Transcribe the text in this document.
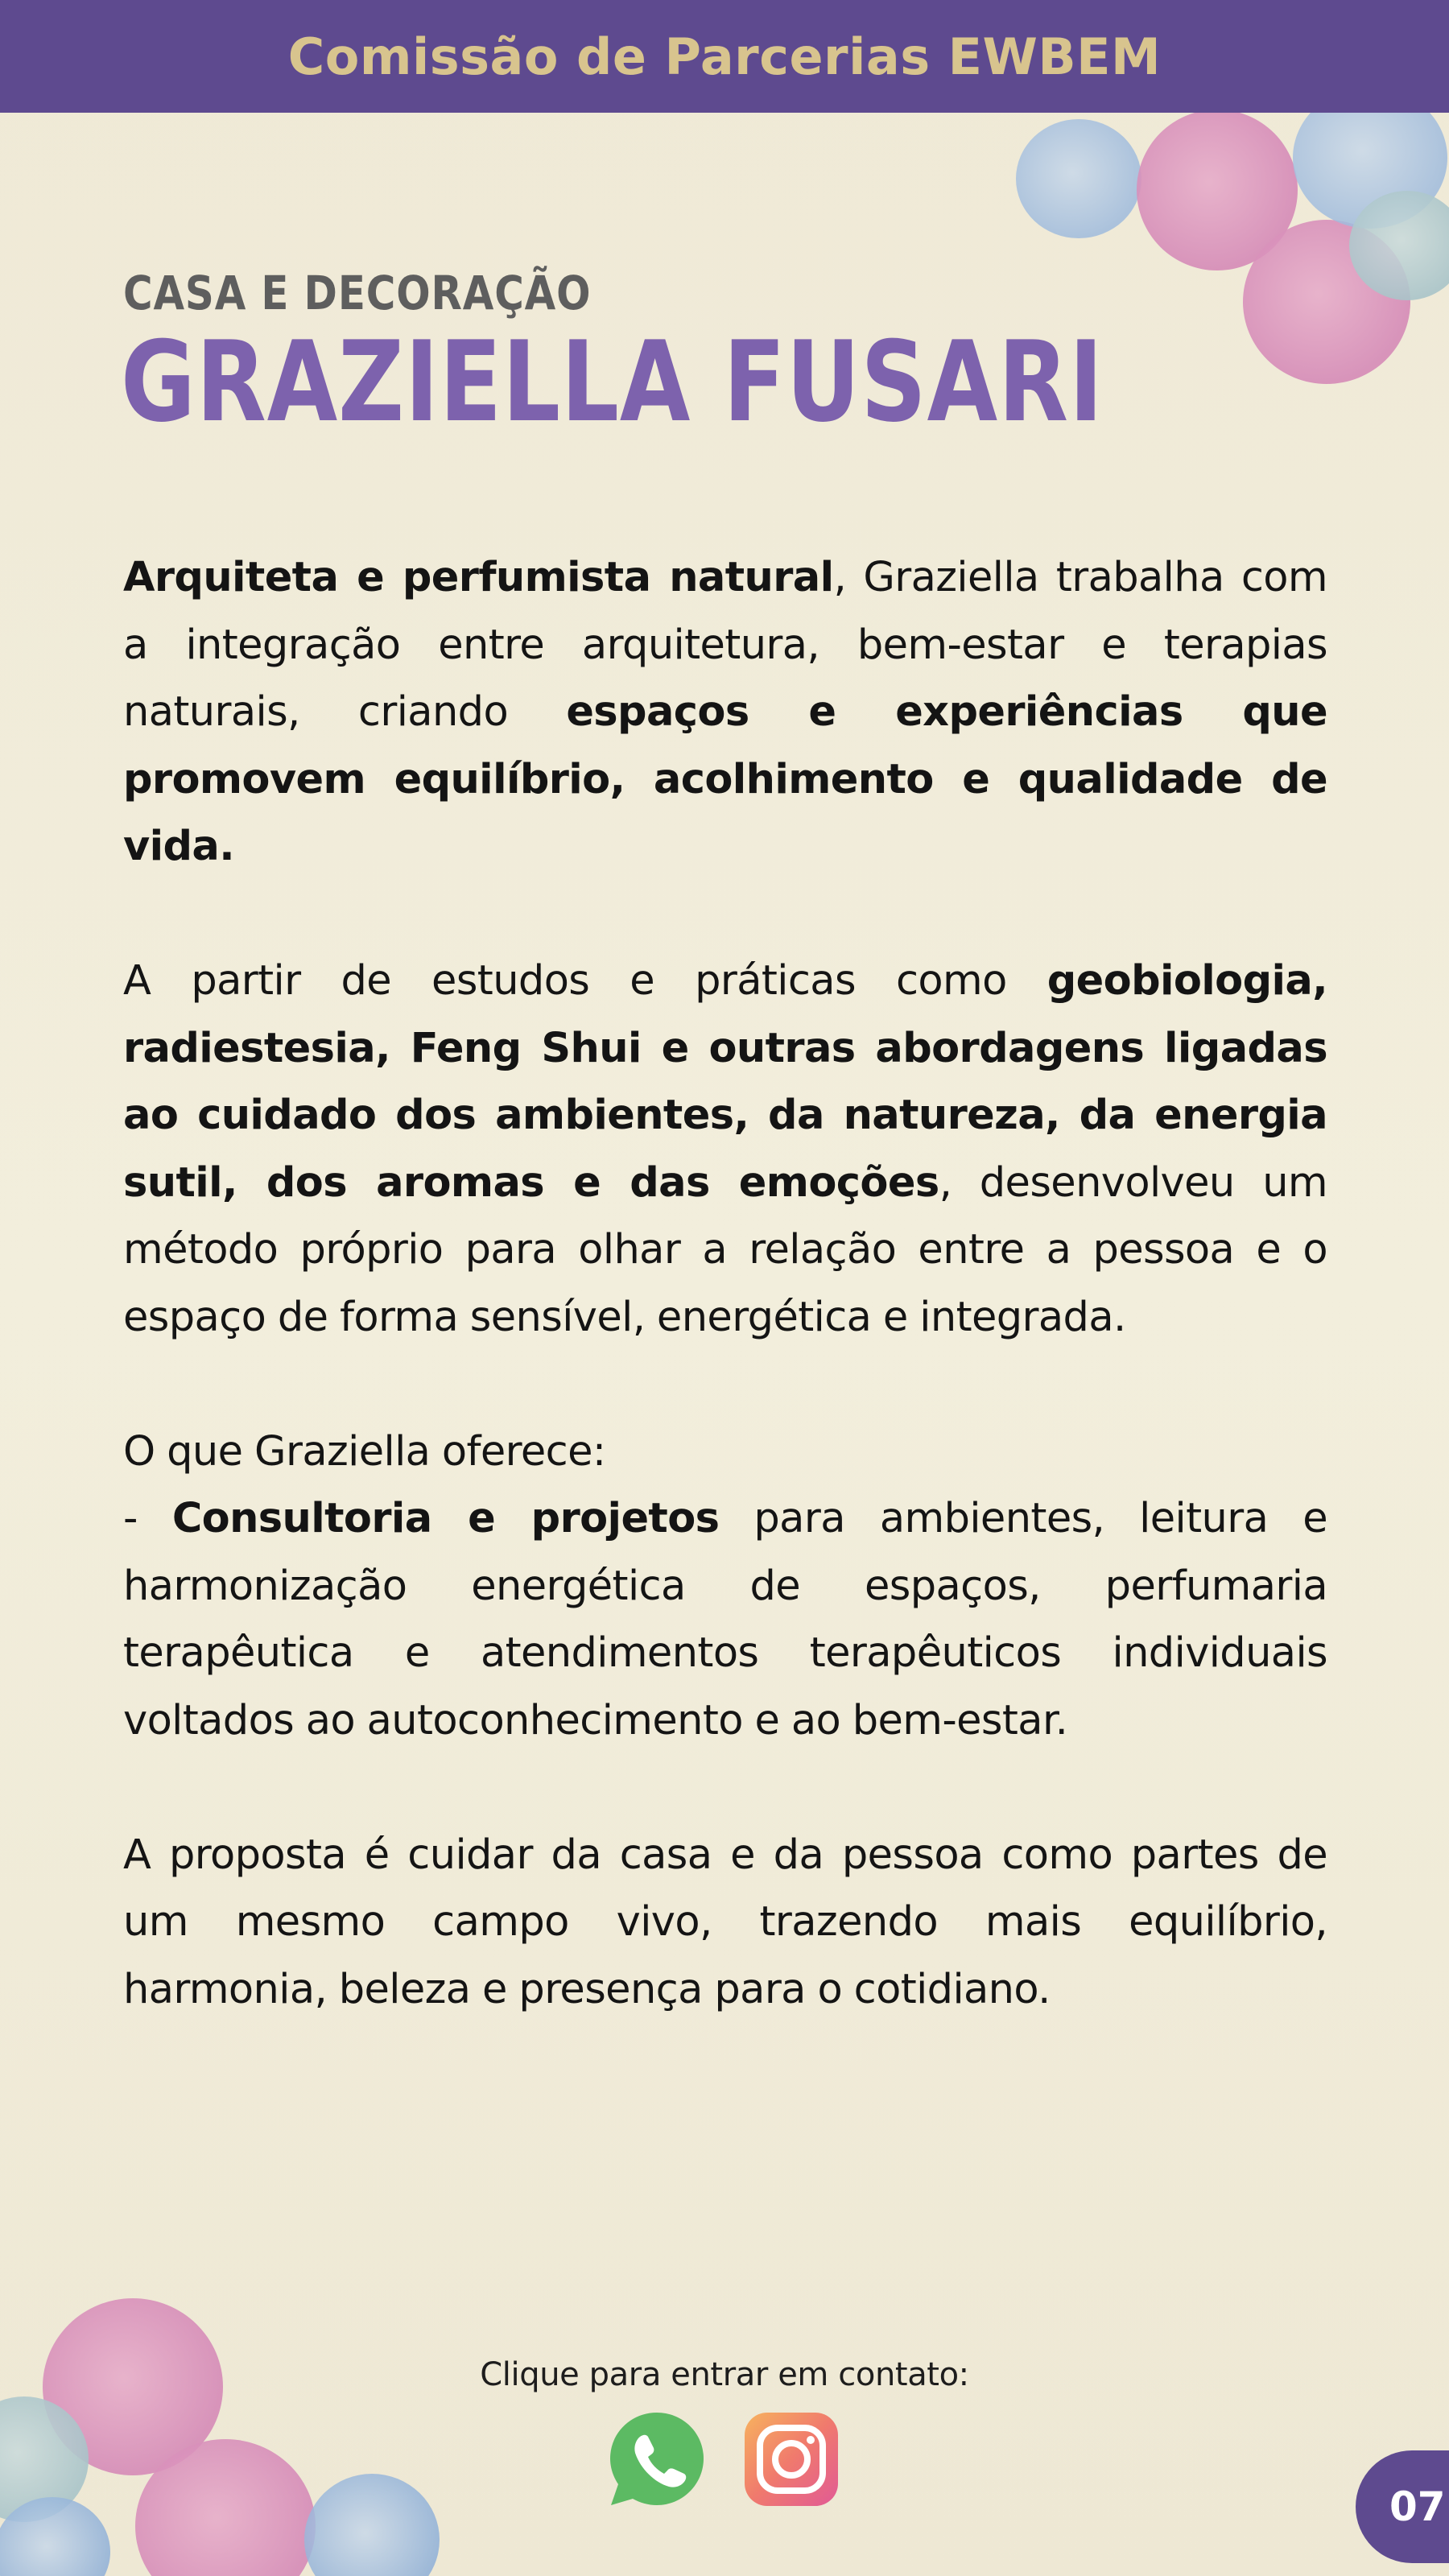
Comissão de Parcerias EWBEM
CASA E DECORAÇÃO
GRAZIELLA FUSARI

Arquiteta e perfumista natural, Graziella trabalha com a integração entre arquitetura, bem-estar e terapias naturais, criando espaços e experiências que promovem equilíbrio, acolhimento e qualidade de vida.

A partir de estudos e práticas como geobiologia, radiestesia, Feng Shui e outras abordagens ligadas ao cuidado dos ambientes, da natureza, da energia sutil, dos aromas e das emoções, desenvolveu um método próprio para olhar a relação entre a pessoa e o espaço de forma sensível, energética e integrada.

O que Graziella oferece:

- Consultoria e projetos para ambientes, leitura e harmonização energética de espaços, perfumaria terapêutica e atendimentos terapêuticos individuais voltados ao autoconhecimento e ao bem-estar.

A proposta é cuidar da casa e da pessoa como partes de um mesmo campo vivo, trazendo mais equilíbrio, harmonia, beleza e presença para o cotidiano.

Clique para entrar em contato:
07
